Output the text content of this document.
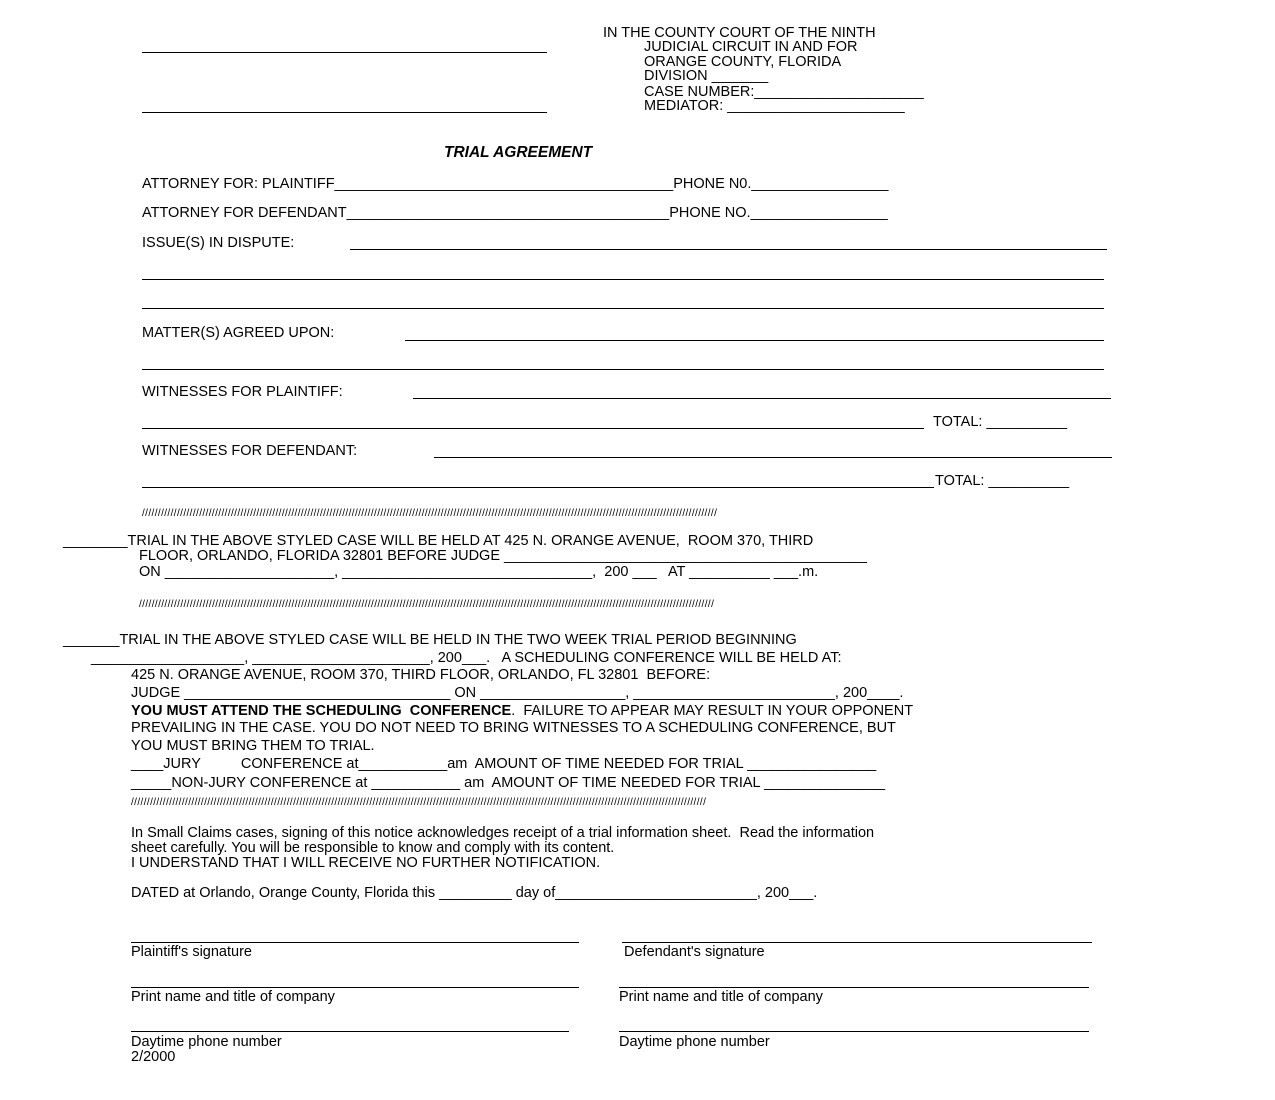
IN THE COUNTY COURT OF THE NINTH
JUDICIAL CIRCUIT IN AND FOR
ORANGE COUNTY, FLORIDA
DIVISION _______
CASE NUMBER:_____________________
MEDIATOR: ______________________
TRIAL AGREEMENT
ATTORNEY FOR: PLAINTIFF__________________________________________PHONE N0._________________
ATTORNEY FOR DEFENDANT________________________________________PHONE NO._________________
ISSUE(S) IN DISPUTE:
MATTER(S) AGREED UPON:
WITNESSES FOR PLAINTIFF:
TOTAL: __________
WITNESSES FOR DEFENDANT:
TOTAL: __________
/////////////////////////////////////////////////////////////////////////////////////////////////////////////////////////////////////////////////////////////////////////////////////
________TRIAL IN THE ABOVE STYLED CASE WILL BE HELD AT 425 N. ORANGE AVENUE,  ROOM 370, THIRD
FLOOR, ORLANDO, FLORIDA 32801 BEFORE JUDGE _____________________________________________
ON _____________________, _______________________________,  200 ___   AT __________ ___.m.
/////////////////////////////////////////////////////////////////////////////////////////////////////////////////////////////////////////////////////////////////////////////////////
_______TRIAL IN THE ABOVE STYLED CASE WILL BE HELD IN THE TWO WEEK TRIAL PERIOD BEGINNING
___________________, ______________________, 200___.   A SCHEDULING CONFERENCE WILL BE HELD AT:
425 N. ORANGE AVENUE, ROOM 370, THIRD FLOOR, ORLANDO, FL 32801  BEFORE:
JUDGE _________________________________ ON __________________, _________________________, 200____.
YOU MUST ATTEND THE SCHEDULING  CONFERENCE.  FAILURE TO APPEAR MAY RESULT IN YOUR OPPONENT
PREVAILING IN THE CASE. YOU DO NOT NEED TO BRING WITNESSES TO A SCHEDULING CONFERENCE, BUT
YOU MUST BRING THEM TO TRIAL.
____JURY          CONFERENCE at___________am  AMOUNT OF TIME NEEDED FOR TRIAL ________________
_____NON-JURY CONFERENCE at ___________ am  AMOUNT OF TIME NEEDED FOR TRIAL _______________
/////////////////////////////////////////////////////////////////////////////////////////////////////////////////////////////////////////////////////////////////////////////////////
In Small Claims cases, signing of this notice acknowledges receipt of a trial information sheet.  Read the information
sheet carefully. You will be responsible to know and comply with its content.
I UNDERSTAND THAT I WILL RECEIVE NO FURTHER NOTIFICATION.
DATED at Orlando, Orange County, Florida this _________ day of_________________________, 200___.
Plaintiff's signature	Defendant's signature
Print name and title of company	Print name and title of company
Daytime phone number	Daytime phone number
2/2000
